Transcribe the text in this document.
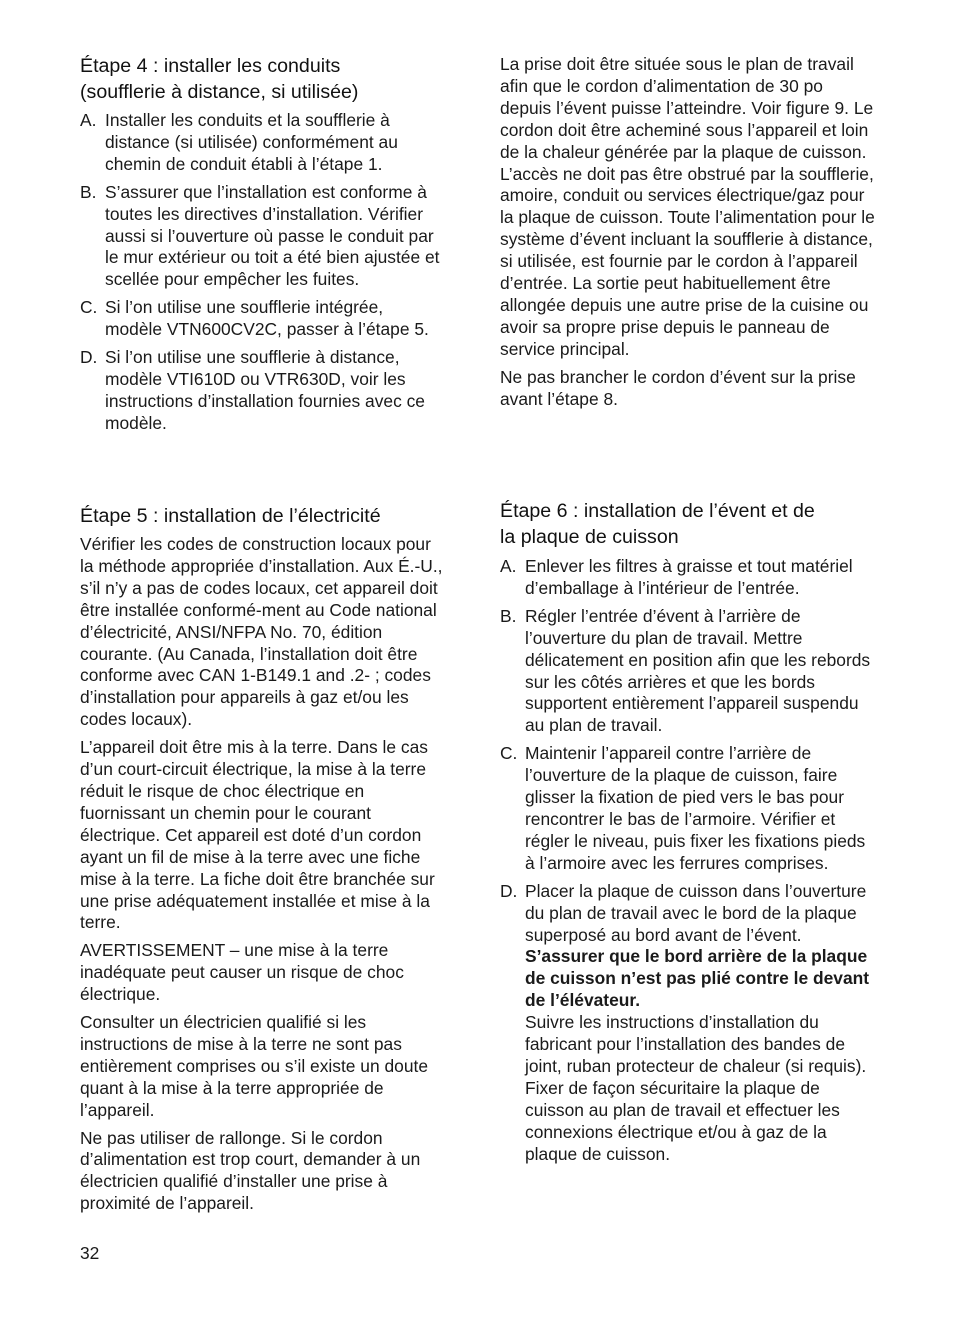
Étape 4 : installer les conduits
(soufflerie à distance, si utilisée)
A. Installer les conduits et la soufflerie à distance (si utilisée) conformément au chemin de conduit établi à l’étape 1.
B. S’assurer que l’installation est conforme à toutes les directives d’installation. Vérifier aussi si l’ouverture où passe le conduit par le mur extérieur ou toit a été bien ajustée et scellée pour empêcher les fuites.
C. Si l’on utilise une soufflerie intégrée, modèle VTN600CV2C, passer à l’étape 5.
D. Si l’on utilise une soufflerie à distance, modèle VTI610D ou VTR630D, voir les instructions d’installation fournies avec ce modèle.
Étape 5 : installation de l’électricité

Vérifier les codes de construction locaux pour la méthode appropriée d’installation. Aux É.-U., s’il n’y a pas de codes locaux, cet appareil doit être installée conformé-ment au Code national d’électricité, ANSI/NFPA No. 70, édition courante. (Au Canada, l’installation doit être conforme avec CAN 1-B149.1 and .2- ; codes d’installation pour appareils à gaz et/ou les codes locaux).

L’appareil doit être mis à la terre. Dans le cas d’un court-circuit électrique, la mise à la terre réduit le risque de choc électrique en fuornissant un chemin pour le courant électrique. Cet appareil est doté d’un cordon ayant un fil de mise à la terre avec une fiche mise à la terre. La fiche doit être branchée sur une prise adéquatement installée et mise à la terre.

AVERTISSEMENT – une mise à la terre inadéquate peut causer un risque de choc électrique.

Consulter un électricien qualifié si les instructions de mise à la terre ne sont pas entièrement comprises ou s’il existe un doute quant à la mise à la terre appropriée de l’appareil.

Ne pas utiliser de rallonge. Si le cordon d’alimentation est trop court, demander à un électricien qualifié d’installer une prise à proximité de l’appareil.

32

La prise doit être située sous le plan de travail afin que le cordon d’alimentation de 30 po depuis l’évent puisse l’atteindre. Voir figure 9. Le cordon doit être acheminé sous l’appareil et loin de la chaleur générée par la plaque de cuisson. L’accès ne doit pas être obstrué par la soufflerie, amoire, conduit ou services électrique/gaz pour la plaque de cuisson. Toute l’alimentation pour le système d’évent incluant la soufflerie à distance, si utilisée, est fournie par le cordon à l’appareil d’entrée. La sortie peut habituellement être allongée depuis une autre prise de la cuisine ou avoir sa propre prise depuis le panneau de service principal.

Ne pas brancher le cordon d’évent sur la prise avant l’étape 8.

Étape 6 : installation de l’évent et de
la plaque de cuisson
A. Enlever les filtres à graisse et tout matériel d’emballage à l’intérieur de l’entrée.
B. Régler l’entrée d’évent à l’arrière de l’ouverture du plan de travail. Mettre délicatement en position afin que les rebords sur les côtés arrières et que les bords supportent entièrement l’appareil suspendu au plan de travail.
C. Maintenir l’appareil contre l’arrière de l’ouverture de la plaque de cuisson, faire glisser la fixation de pied vers le bas pour rencontrer le bas de l’armoire. Vérifier et régler le niveau, puis fixer les fixations pieds à l’armoire avec les ferrures comprises.
D. Placer la plaque de cuisson dans l’ouverture du plan de travail avec le bord de la plaque superposé au bord avant de l’évent. S’assurer que le bord arrière de la plaque de cuisson n’est pas plié contre le devant de l’élévateur.
Suivre les instructions d’installation du fabricant pour l’installation des bandes de joint, ruban protecteur de chaleur (si requis). Fixer de façon sécuritaire la plaque de cuisson au plan de travail et effectuer les connexions électrique et/ou à gaz de la plaque de cuisson.
